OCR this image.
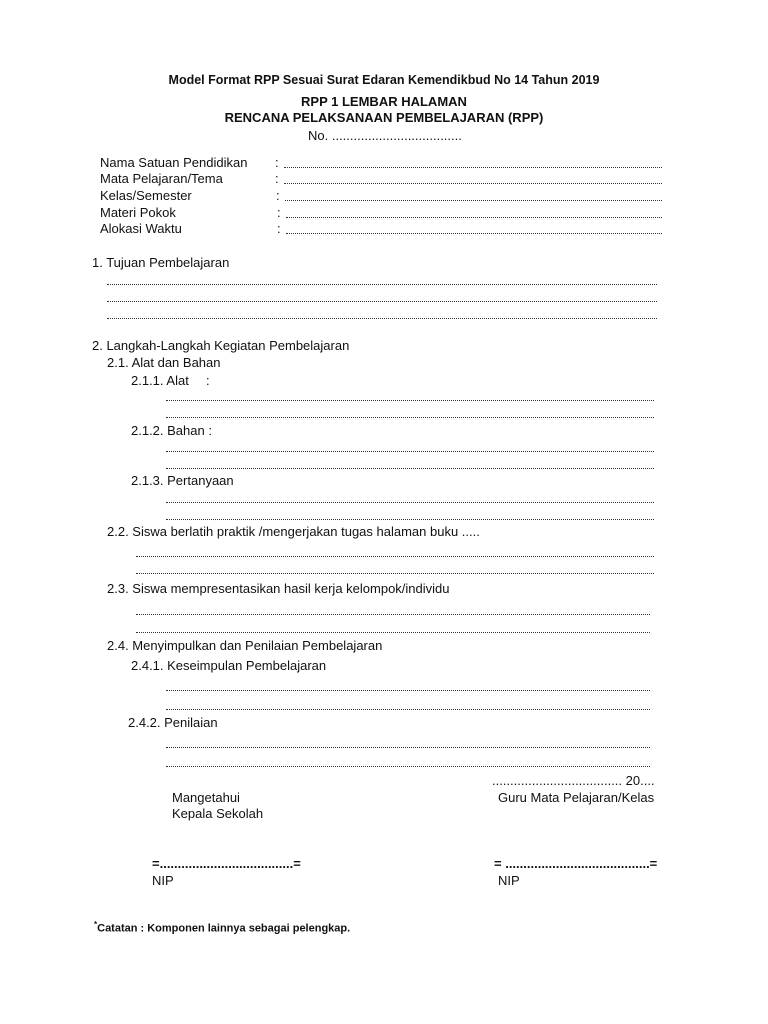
Model Format RPP Sesuai Surat Edaran Kemendikbud No 14 Tahun 2019
RPP 1 LEMBAR ΗALAMAN
RENCANA PELAKSANAAN PEMBELAJARAN (RPP)
No. ....................................
Nama Satuan Pendidikan :
Mata Pelajaran/Tema	:
Kelas/Semester	:
Materi Pokok	:
Alokasi Waktu	:
1. Tujuan Pembelajaran
2. Langkah-Langkah Kegiatan Pembelajaran
2.1. Alat dan Bahan
2.1.1. Alat :
2.1.2. Bahan :
2.1.3. Pertanyaan
2.2. Siswa berlatih praktik /mengerjakan tugas halaman buku .....
2.3. Siswa mempresentasikan hasil kerja kelompok/individu
2.4. Menyimpulkan dan Penilaian Pembelajaran
2.4.1. Keseimpulan Pembelajaran
2.4.2. Penilaian
.................................... 20....
Mangetahui	Guru Mata Pelajaran/Kelas
Kepala Sekolah
=.....................................=	= ........................................=
NIP	NIP
*Catatan : Komponen lainnya sebagai pelengkap.
